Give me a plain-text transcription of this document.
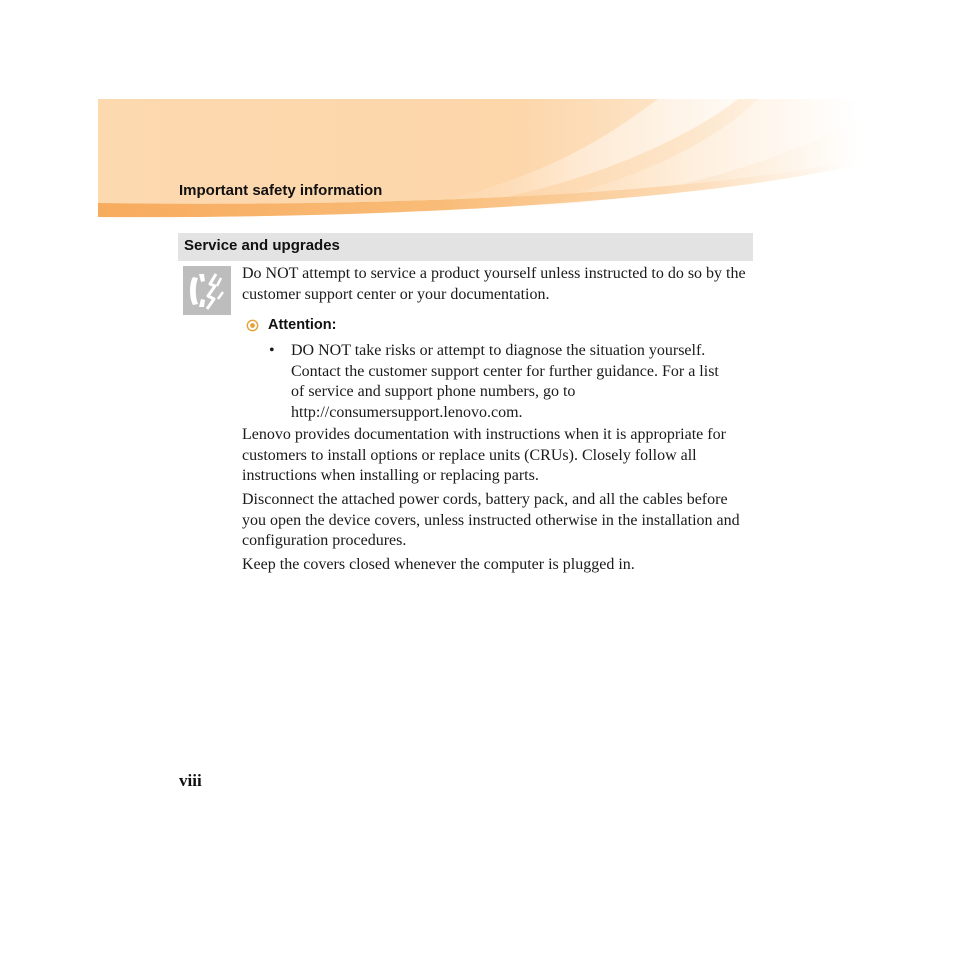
Important safety information
Service and upgrades
Do NOT attempt to service a product yourself unless instructed to do so by the customer support center or your documentation.
Attention:
• DO NOT take risks or attempt to diagnose the situation yourself. Contact the customer support center for further guidance. For a list of service and support phone numbers, go to http://consumersupport.lenovo.com.
Lenovo provides documentation with instructions when it is appropriate for customers to install options or replace units (CRUs). Closely follow all instructions when installing or replacing parts.
Disconnect the attached power cords, battery pack, and all the cables before you open the device covers, unless instructed otherwise in the installation and configuration procedures.
Keep the covers closed whenever the computer is plugged in.
viii
